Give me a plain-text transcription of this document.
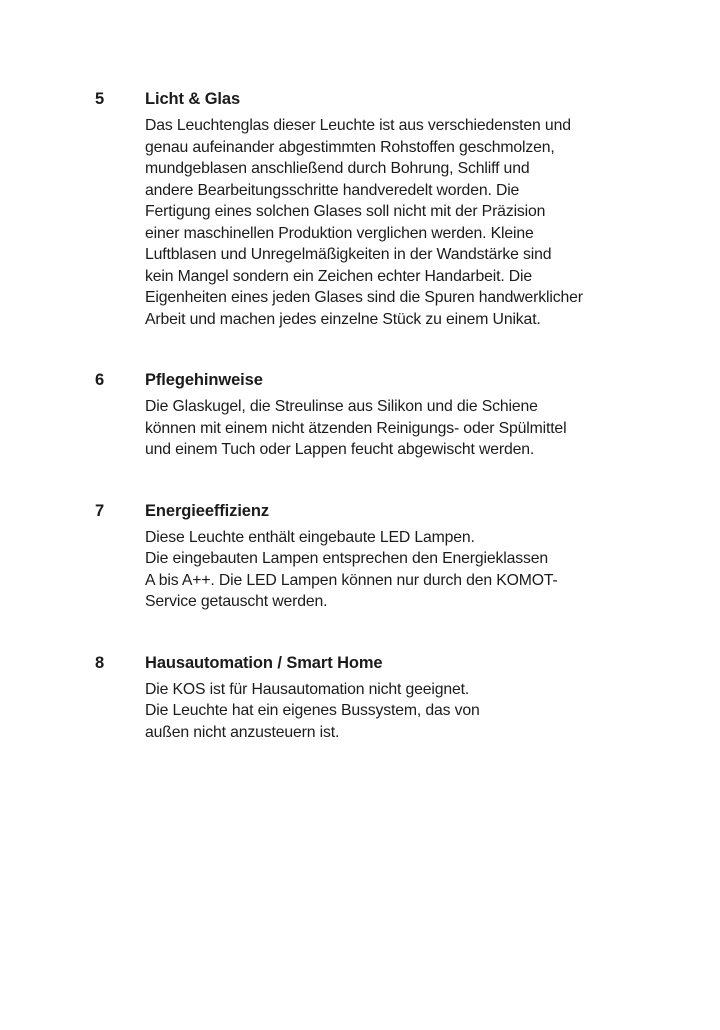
5	Licht & Glas
Das Leuchtenglas dieser Leuchte ist aus verschiedensten und
genau aufeinander abgestimmten Rohstoffen geschmolzen,
mundgeblasen anschließend durch Bohrung, Schliff und
andere Bearbeitungsschritte handveredelt worden. Die
Fertigung eines solchen Glases soll nicht mit der Präzision
einer maschinellen Produktion verglichen werden. Kleine
Luftblasen und Unregelmäßigkeiten in der Wandstärke sind
kein Mangel sondern ein Zeichen echter Handarbeit. Die
Eigenheiten eines jeden Glases sind die Spuren handwerklicher
Arbeit und machen jedes einzelne Stück zu einem Unikat.
6	Pflegehinweise
Die Glaskugel, die Streulinse aus Silikon und die Schiene
können mit einem nicht ätzenden Reinigungs- oder Spülmittel
und einem Tuch oder Lappen feucht abgewischt werden.
7	Energieeffizienz
Diese Leuchte enthält eingebaute LED Lampen.
Die eingebauten Lampen entsprechen den Energieklassen
A bis A++. Die LED Lampen können nur durch den KOMOT-
Service getauscht werden.
8	Hausautomation / Smart Home
Die KOS ist für Hausautomation nicht geeignet.
Die Leuchte hat ein eigenes Bussystem, das von
außen nicht anzusteuern ist.
